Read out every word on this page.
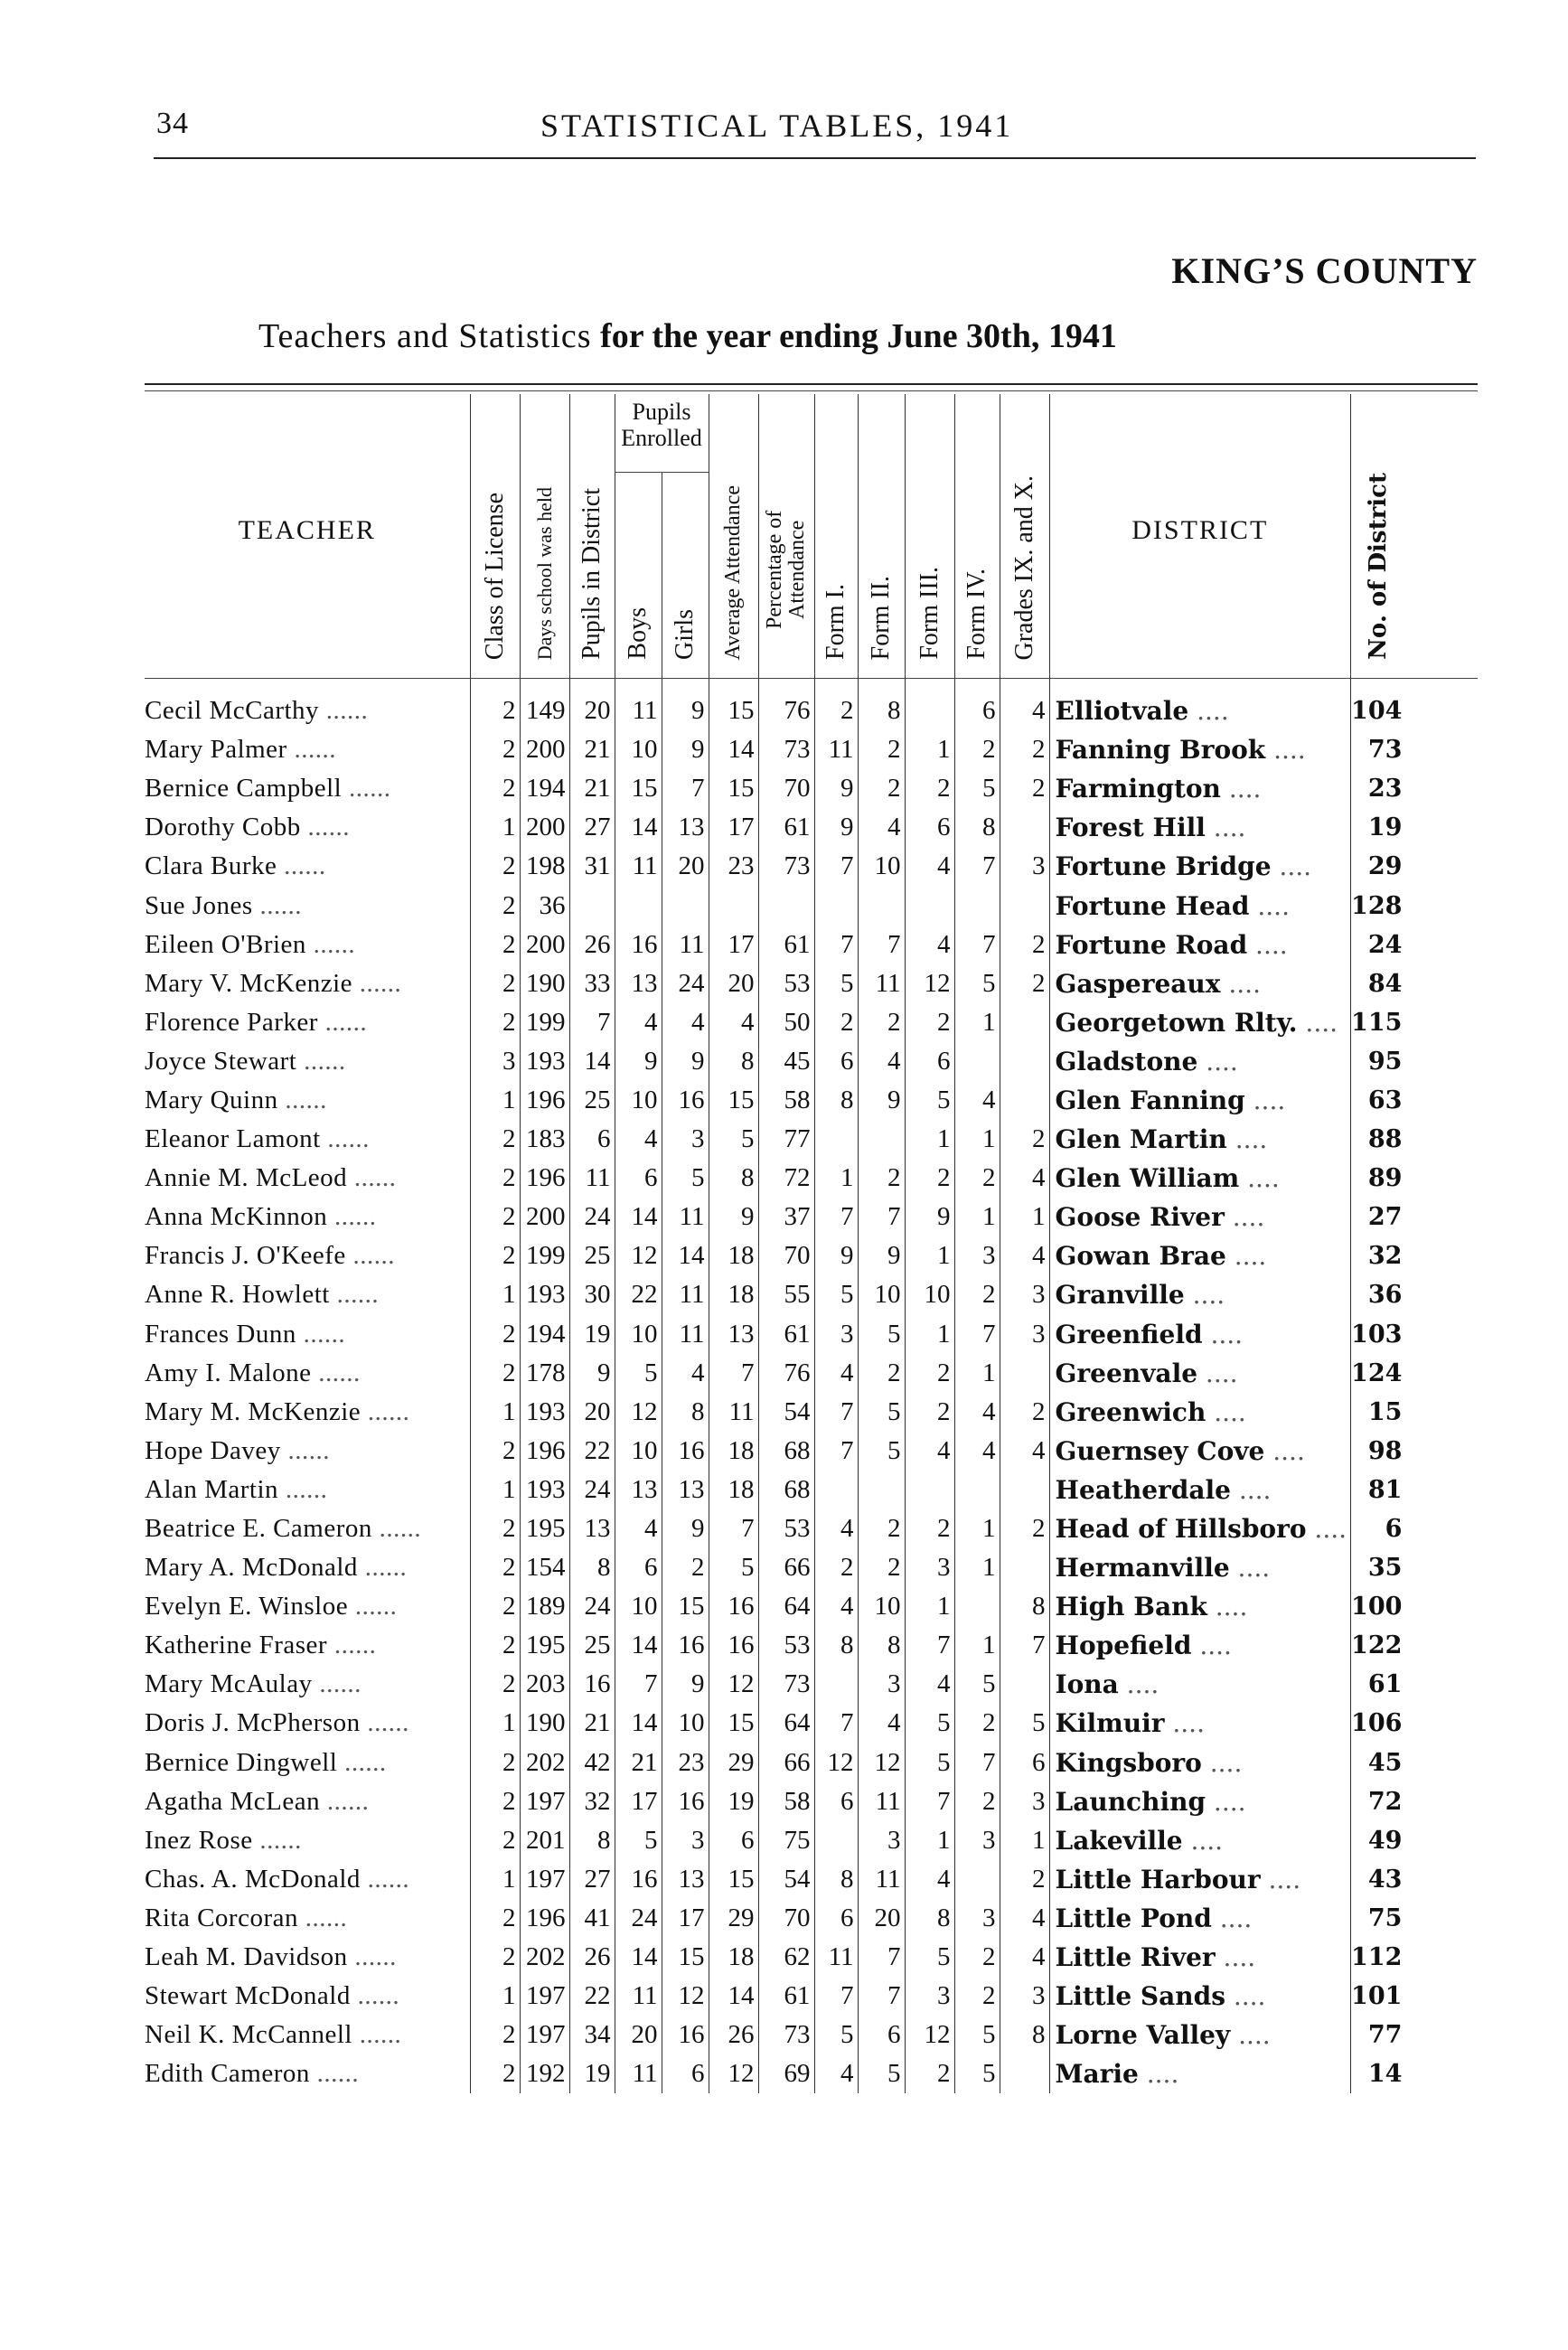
34	STATISTICAL TABLES, 1941
KING’S COUNTY
Teachers and Statistics for the year ending June 30th, 1941
TEACHER	Class of License	Days school was held	Pupils in District	Pupils Enrolled		Average Attendance	Percentage of Attendance	Form I.	Form II.	Form III.	Form IV.	Grades IX. and X.	DISTRICT	No. of District
				Boys	Girls									

Cecil McCarthy ......	2	149	20	11	9	15	76	2	8		6	4	Elliotvale ....	104
Mary Palmer ......	2	200	21	10	9	14	73	11	2	1	2	2	Fanning Brook ....	73
Bernice Campbell ......	2	194	21	15	7	15	70	9	2	2	5	2	Farmington ....	23
Dorothy Cobb ......	1	200	27	14	13	17	61	9	4	6	8		Forest Hill ....	19
Clara Burke ......	2	198	31	11	20	23	73	7	10	4	7	3	Fortune Bridge ....	29
Sue Jones ......	2	36											Fortune Head ....	128
Eileen O'Brien ......	2	200	26	16	11	17	61	7	7	4	7	2	Fortune Road ....	24
Mary V. McKenzie ......	2	190	33	13	24	20	53	5	11	12	5	2	Gaspereaux ....	84
Florence Parker ......	2	199	7	4	4	4	50	2	2	2	1		Georgetown Rlty. ....	115
Joyce Stewart ......	3	193	14	9	9	8	45	6	4	6			Gladstone ....	95
Mary Quinn ......	1	196	25	10	16	15	58	8	9	5	4		Glen Fanning ....	63
Eleanor Lamont ......	2	183	6	4	3	5	77			1	1	2	Glen Martin ....	88
Annie M. McLeod ......	2	196	11	6	5	8	72	1	2	2	2	4	Glen William ....	89
Anna McKinnon ......	2	200	24	14	11	9	37	7	7	9	1	1	Goose River ....	27
Francis J. O'Keefe ......	2	199	25	12	14	18	70	9	9	1	3	4	Gowan Brae ....	32
Anne R. Howlett ......	1	193	30	22	11	18	55	5	10	10	2	3	Granville ....	36
Frances Dunn ......	2	194	19	10	11	13	61	3	5	1	7	3	Greenfield ....	103
Amy I. Malone ......	2	178	9	5	4	7	76	4	2	2	1		Greenvale ....	124
Mary M. McKenzie ......	1	193	20	12	8	11	54	7	5	2	4	2	Greenwich ....	15
Hope Davey ......	2	196	22	10	16	18	68	7	5	4	4	4	Guernsey Cove ....	98
Alan Martin ......	1	193	24	13	13	18	68						Heatherdale ....	81
Beatrice E. Cameron ......	2	195	13	4	9	7	53	4	2	2	1	2	Head of Hillsboro ....	6
Mary A. McDonald ......	2	154	8	6	2	5	66	2	2	3	1		Hermanville ....	35
Evelyn E. Winsloe ......	2	189	24	10	15	16	64	4	10	1		8	High Bank ....	100
Katherine Fraser ......	2	195	25	14	16	16	53	8	8	7	1	7	Hopefield ....	122
Mary McAulay ......	2	203	16	7	9	12	73		3	4	5		Iona ....	61
Doris J. McPherson ......	1	190	21	14	10	15	64	7	4	5	2	5	Kilmuir ....	106
Bernice Dingwell ......	2	202	42	21	23	29	66	12	12	5	7	6	Kingsboro ....	45
Agatha McLean ......	2	197	32	17	16	19	58	6	11	7	2	3	Launching ....	72
Inez Rose ......	2	201	8	5	3	6	75		3	1	3	1	Lakeville ....	49
Chas. A. McDonald ......	1	197	27	16	13	15	54	8	11	4		2	Little Harbour ....	43
Rita Corcoran ......	2	196	41	24	17	29	70	6	20	8	3	4	Little Pond ....	75
Leah M. Davidson ......	2	202	26	14	15	18	62	11	7	5	2	4	Little River ....	112
Stewart McDonald ......	1	197	22	11	12	14	61	7	7	3	2	3	Little Sands ....	101
Neil K. McCannell ......	2	197	34	20	16	26	73	5	6	12	5	8	Lorne Valley ....	77
Edith Cameron ......	2	192	19	11	6	12	69	4	5	2	5		Marie ....	14
